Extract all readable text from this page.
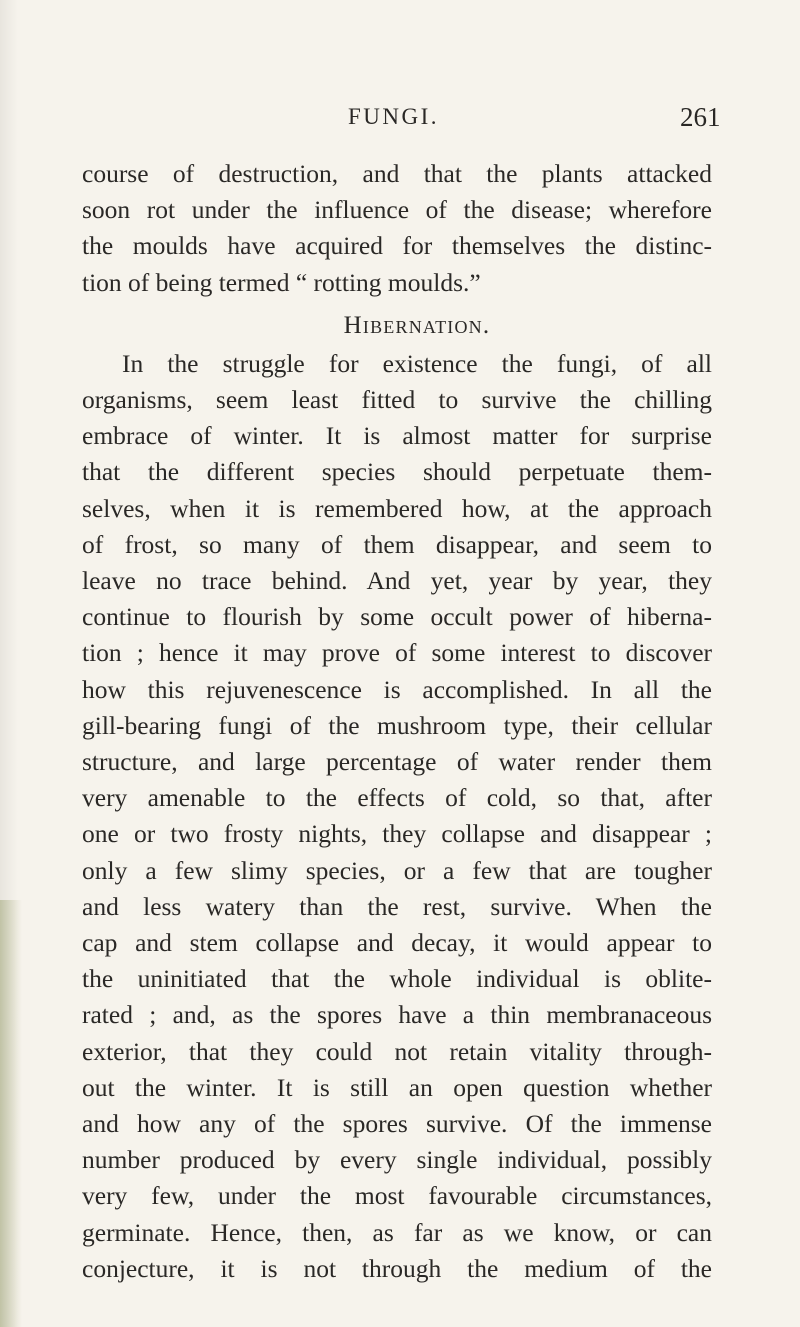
FUNGI.	261

course of destruction, and that the plants attacked
soon rot under the influence of the disease; wherefore
the moulds have acquired for themselves the distinc-
tion of being termed “ rotting moulds.”

Hibernation.

In the struggle for existence the fungi, of all
organisms, seem least fitted to survive the chilling
embrace of winter. It is almost matter for surprise
that the different species should perpetuate them-
selves, when it is remembered how, at the approach
of frost, so many of them disappear, and seem to
leave no trace behind. And yet, year by year, they
continue to flourish by some occult power of hiberna-
tion ; hence it may prove of some interest to discover
how this rejuvenescence is accomplished. In all the
gill-bearing fungi of the mushroom type, their cellular
structure, and large percentage of water render them
very amenable to the effects of cold, so that, after
one or two frosty nights, they collapse and disappear ;
only a few slimy species, or a few that are tougher
and less watery than the rest, survive. When the
cap and stem collapse and decay, it would appear to
the uninitiated that the whole individual is oblite-
rated ; and, as the spores have a thin membranaceous
exterior, that they could not retain vitality through-
out the winter. It is still an open question whether
and how any of the spores survive. Of the immense
number produced by every single individual, possibly
very few, under the most favourable circumstances,
germinate. Hence, then, as far as we know, or can
conjecture, it is not through the medium of the
